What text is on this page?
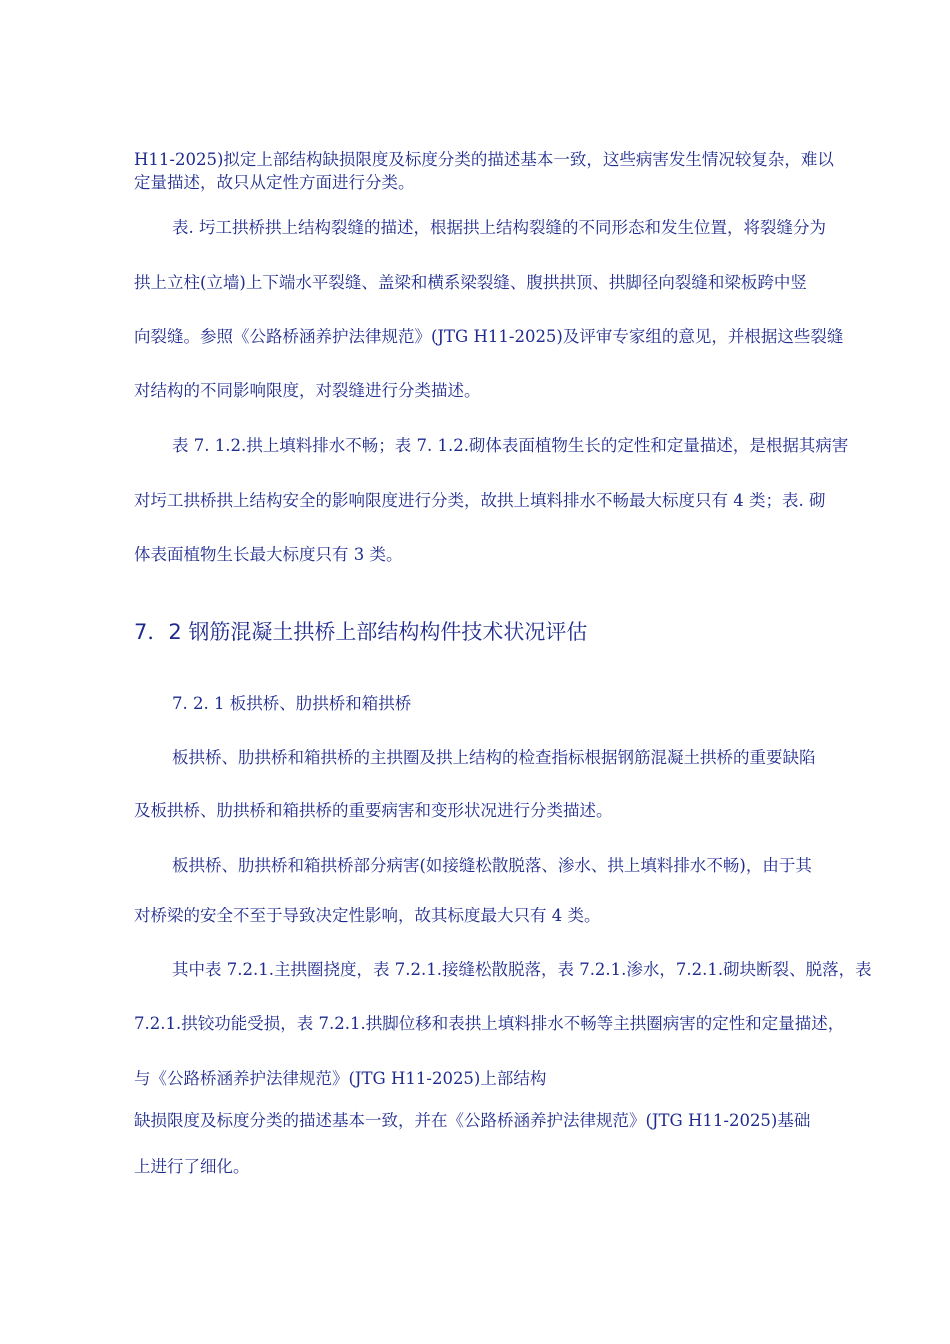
H11-2025)拟定上部结构缺损限度及标度分类的描述基本一致，这些病害发生情况较复杂，难以

定量描述，故只从定性方面进行分类。

表. 圬工拱桥拱上结构裂缝的描述，根据拱上结构裂缝的不同形态和发生位置，将裂缝分为

拱上立柱(立墙)上下端水平裂缝、盖梁和横系梁裂缝、腹拱拱顶、拱脚径向裂缝和梁板跨中竖

向裂缝。参照《公路桥涵养护法律规范》(JTG H11-2025)及评审专家组的意见，并根据这些裂缝

对结构的不同影响限度，对裂缝进行分类描述。

表 7. 1.2.拱上填料排水不畅；表 7. 1.2.砌体表面植物生长的定性和定量描述，是根据其病害

对圬工拱桥拱上结构安全的影响限度进行分类，故拱上填料排水不畅最大标度只有 4 类；表. 砌

体表面植物生长最大标度只有 3 类。

7．2 钢筋混凝土拱桥上部结构构件技术状况评估

7. 2. 1 板拱桥、肋拱桥和箱拱桥

板拱桥、肋拱桥和箱拱桥的主拱圈及拱上结构的检查指标根据钢筋混凝土拱桥的重要缺陷

及板拱桥、肋拱桥和箱拱桥的重要病害和变形状况进行分类描述。

板拱桥、肋拱桥和箱拱桥部分病害(如接缝松散脱落、渗水、拱上填料排水不畅)，由于其

对桥梁的安全不至于导致决定性影响，故其标度最大只有 4 类。

其中表 7.2.1.主拱圈挠度，表 7.2.1.接缝松散脱落，表 7.2.1.渗水，7.2.1.砌块断裂、脱落，表

7.2.1.拱铰功能受损，表 7.2.1.拱脚位移和表拱上填料排水不畅等主拱圈病害的定性和定量描述，

与《公路桥涵养护法律规范》(JTG H11-2025)上部结构

缺损限度及标度分类的描述基本一致，并在《公路桥涵养护法律规范》(JTG H11-2025)基础

上进行了细化。
